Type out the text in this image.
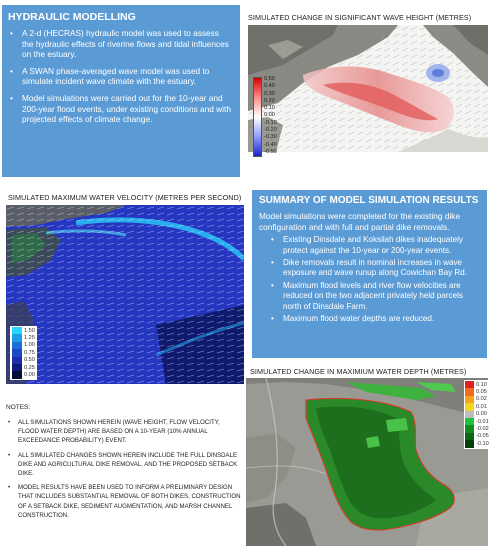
HYDRAULIC MODELLING
• A 2-d (HECRAS) hydraulic model was used to assess the hydraulic effects of riverine flows and tidal influences on the estuary.
• A SWAN phase-averaged wave model was used to simulate incident wave climate with the estuary.
• Model simulations were carried out for the 10-year and 200-year flood events, under existing conditions and with projected effects of climate change.
SIMULATED CHANGE IN SIGNIFICANT WAVE HEIGHT (METRES)
0.50
0.40
0.30
0.20
0.10
0.00
-0.10
-0.20
-0.30
-0.40
-0.50
SIMULATED MAXIMUM WATER VELOCITY (METRES PER SECOND)
1.50
1.25
1.00
0.75
0.50
0.25
0.00
SUMMARY OF MODEL SIMULATION RESULTS
Model simulations were completed for the existing dike configuration and with full and partial dike removals.
• Existing Dinsdale and Koksilah dikes inadequately protect against the 10-year or 200-year events.
• Dike removals result in nominal increases in wave exposure and wave runup along Cowichan Bay Rd.
• Maximum flood levels and river flow velocities are reduced on the two adjacent privately held parcels north of Dinsdale Farm.
• Maximum flood water depths are reduced.
SIMULATED CHANGE IN MAXIMIUM WATER DEPTH (METRES)
0.10
0.05
0.02
0.01
0.00
-0.01
-0.02
-0.05
-0.10
NOTES:
• ALL SIMULATIONS SHOWN HEREIN (WAVE HEIGHT, FLOW VELOCITY, FLOOD WATER DEPTH) ARE BASED ON A 10-YEAR (10% ANNUAL EXCEEDANCE PROBABILITY) EVENT.
• ALL SIMULATED CHANGES SHOWN HEREIN INCLUDE THE FULL DINSDALE DIKE AND AGRICULTURAL DIKE REMOVAL, AND THE PROPOSED SETBACK DIKE.
• MODEL RESULTS HAVE BEEN USED TO INFORM A PRELIMINARY DESIGN THAT INCLUDES SUBSTANTIAL REMOVAL OF BOTH DIKES, CONSTRUCTION OF A SETBACK DIKE, SEDIMENT AUGMENTATION, AND MARSH CHANNEL CONSTRUCTION.
